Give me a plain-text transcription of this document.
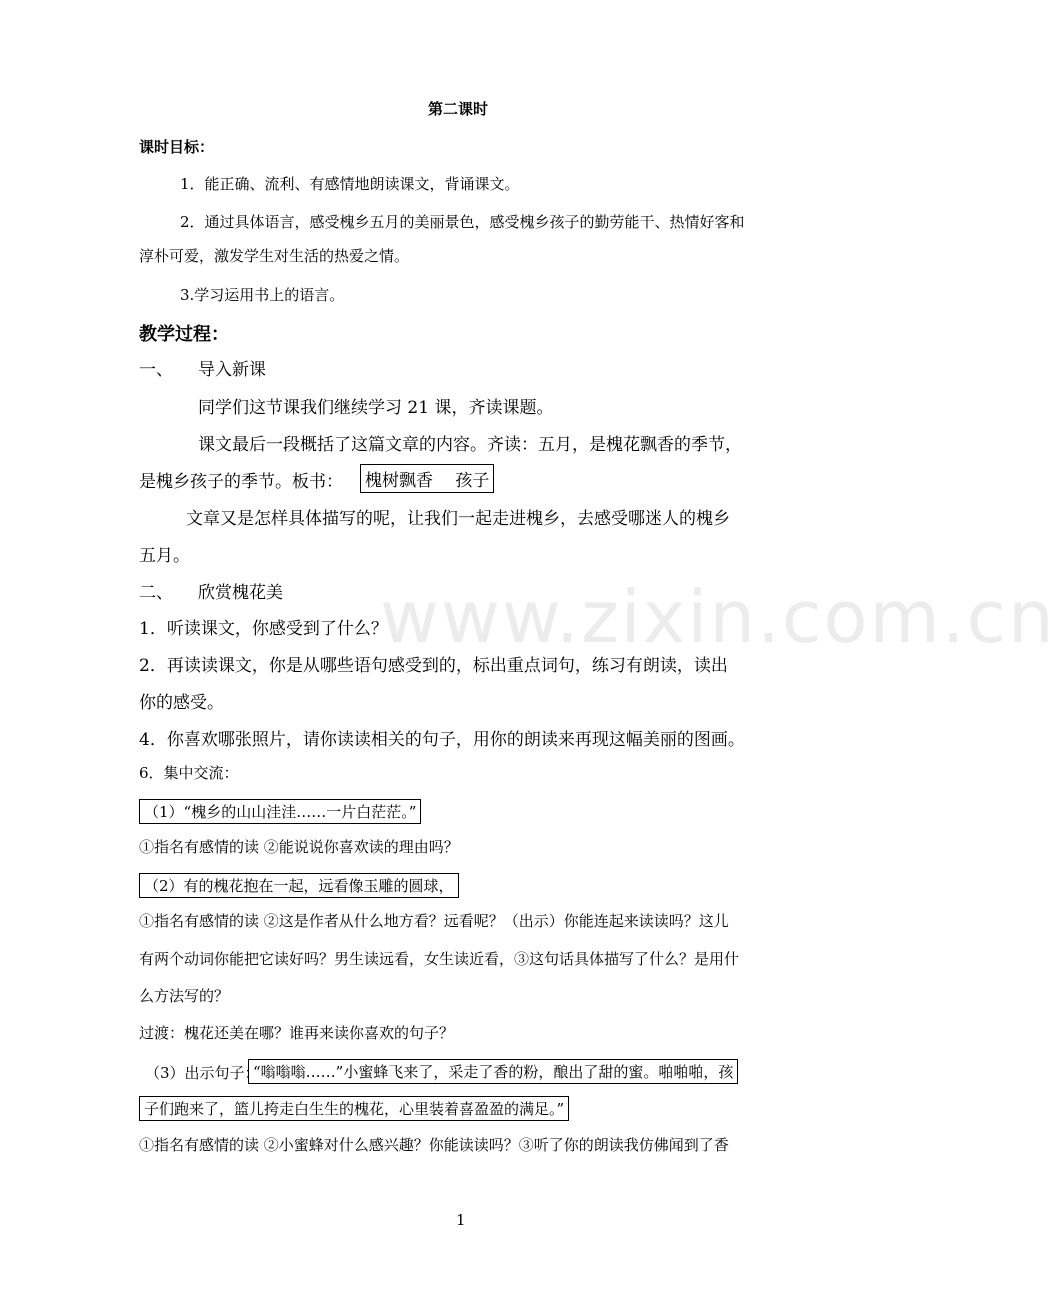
www.zixin.com.cn
第二课时
课时目标：
1．能正确、流利、有感情地朗读课文，背诵课文。
2．通过具体语言，感受槐乡五月的美丽景色，感受槐乡孩子的勤劳能干、热情好客和
淳朴可爱，激发学生对生活的热爱之情。
3.学习运用书上的语言。
教学过程：
一、 导入新课
同学们这节课我们继续学习 21 课，齐读课题。
课文最后一段概括了这篇文章的内容。齐读：五月，是槐花飘香的季节，
是槐乡孩子的季节。板书： 槐树飘香　 孩子
文章又是怎样具体描写的呢，让我们一起走进槐乡，去感受哪迷人的槐乡
五月。
二、 欣赏槐花美
1．听读课文，你感受到了什么？
2．再读读课文，你是从哪些语句感受到的，标出重点词句，练习有朗读，读出
你的感受。
4．你喜欢哪张照片，请你读读相关的句子，用你的朗读来再现这幅美丽的图画。
6．集中交流：
（1）“槐乡的山山洼洼……一片白茫茫。”
①指名有感情的读 ②能说说你喜欢读的理由吗？
（2）有的槐花抱在一起，远看像玉雕的圆球，
①指名有感情的读 ②这是作者从什么地方看？远看呢？（出示）你能连起来读读吗？这儿
有两个动词你能把它读好吗？男生读远看，女生读近看，③这句话具体描写了什么？是用什
么方法写的？
过渡：槐花还美在哪？谁再来读你喜欢的句子？
（3）出示句子：
“嗡嗡嗡……”小蜜蜂飞来了，采走了香的粉，酿出了甜的蜜。啪啪啪，孩
子们跑来了，篮儿挎走白生生的槐花，心里装着喜盈盈的满足。”
①指名有感情的读 ②小蜜蜂对什么感兴趣？你能读读吗？③听了你的朗读我仿佛闻到了香
1
